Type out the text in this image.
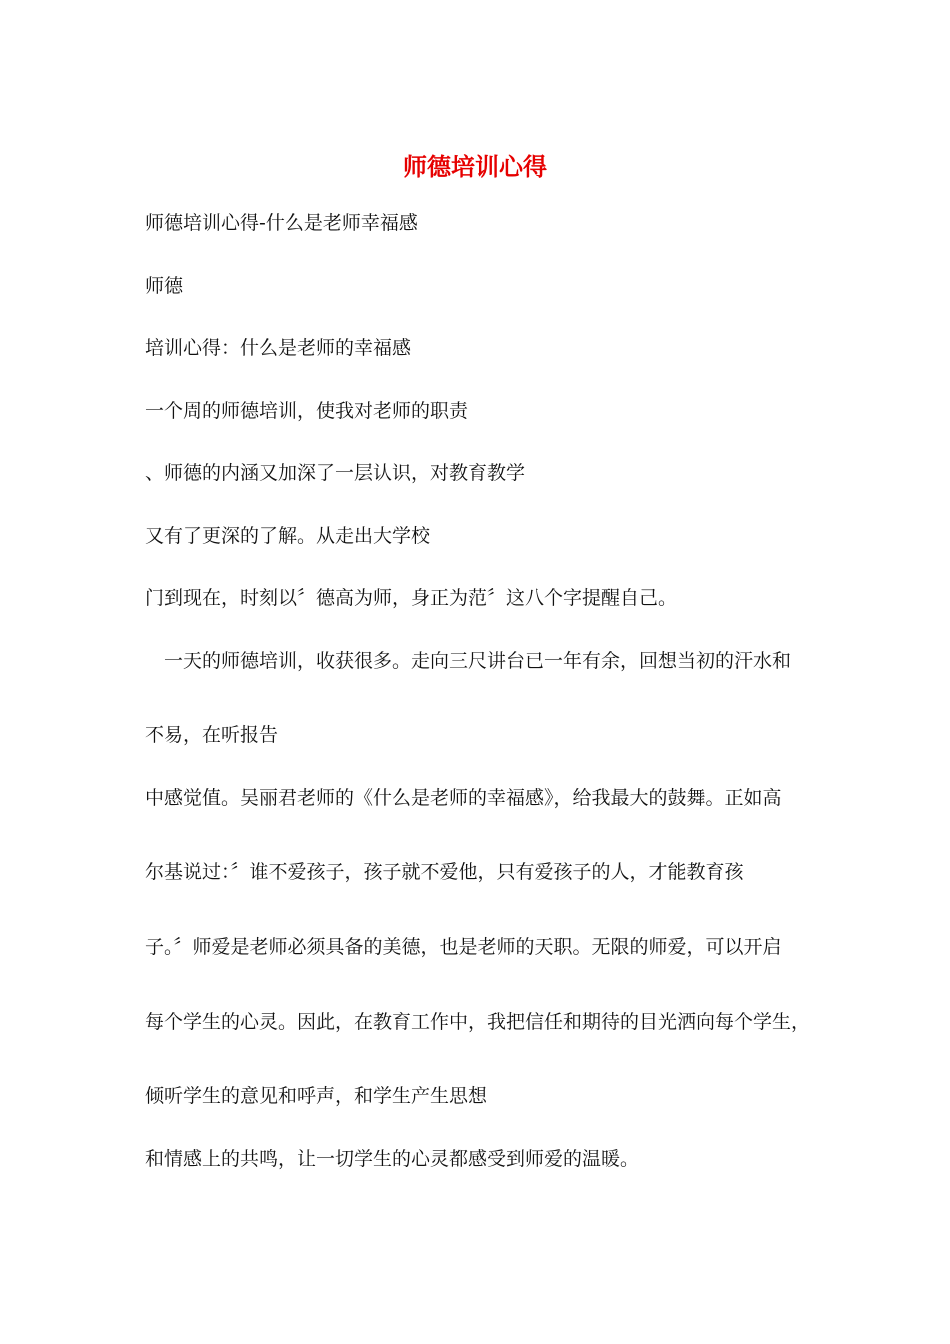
师德培训心得

师德培训心得-什么是老师幸福感

师德

培训心得：什么是老师的幸福感

一个周的师德培训，使我对老师的职责

、师德的内涵又加深了一层认识，对教育教学

又有了更深的了解。从走出大学校

门到现在，时刻以〞德高为师，身正为范〞这八个字提醒自己。

　一天的师德培训，收获很多。走向三尺讲台已一年有余，回想当初的汗水和

不易，在听报告

中感觉值。吴丽君老师的《什么是老师的幸福感》，给我最大的鼓舞。正如高

尔基说过：〞谁不爱孩子，孩子就不爱他，只有爱孩子的人，才能教育孩

子。〞师爱是老师必须具备的美德，也是老师的天职。无限的师爱，可以开启

每个学生的心灵。因此，在教育工作中，我把信任和期待的目光洒向每个学生，

倾听学生的意见和呼声，和学生产生思想

和情感上的共鸣，让一切学生的心灵都感受到师爱的温暖。
